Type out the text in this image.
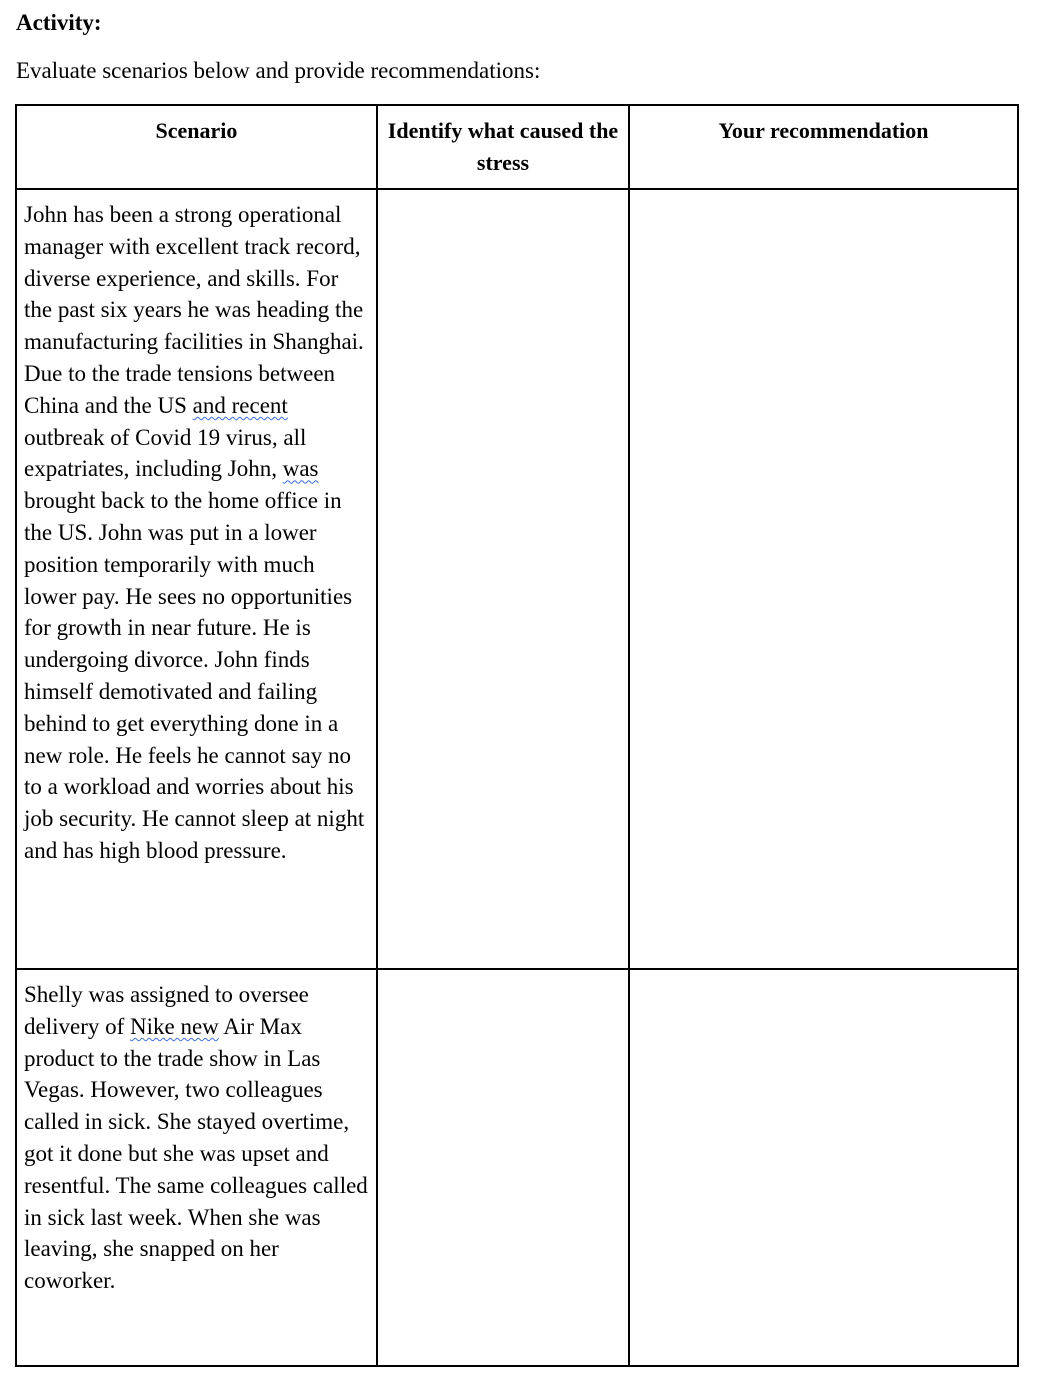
Activity:
Evaluate scenarios below and provide recommendations:
Scenario	Identify what caused the stress	Your recommendation

John has been a strong operational manager with excellent track record, diverse experience, and skills. For the past six years he was heading the manufacturing facilities in Shanghai. Due to the trade tensions between China and the US and recent outbreak of Covid 19 virus, all expatriates, including John, was brought back to the home office in the US. John was put in a lower position temporarily with much lower pay. He sees no opportunities for growth in near future. He is undergoing divorce. John finds himself demotivated and failing behind to get everything done in a new role. He feels he cannot say no to a workload and worries about his job security. He cannot sleep at night and has high blood pressure.		

Shelly was assigned to oversee delivery of Nike new Air Max product to the trade show in Las Vegas. However, two colleagues called in sick. She stayed overtime, got it done but she was upset and resentful. The same colleagues called in sick last week. When she was leaving, she snapped on her coworker.		
